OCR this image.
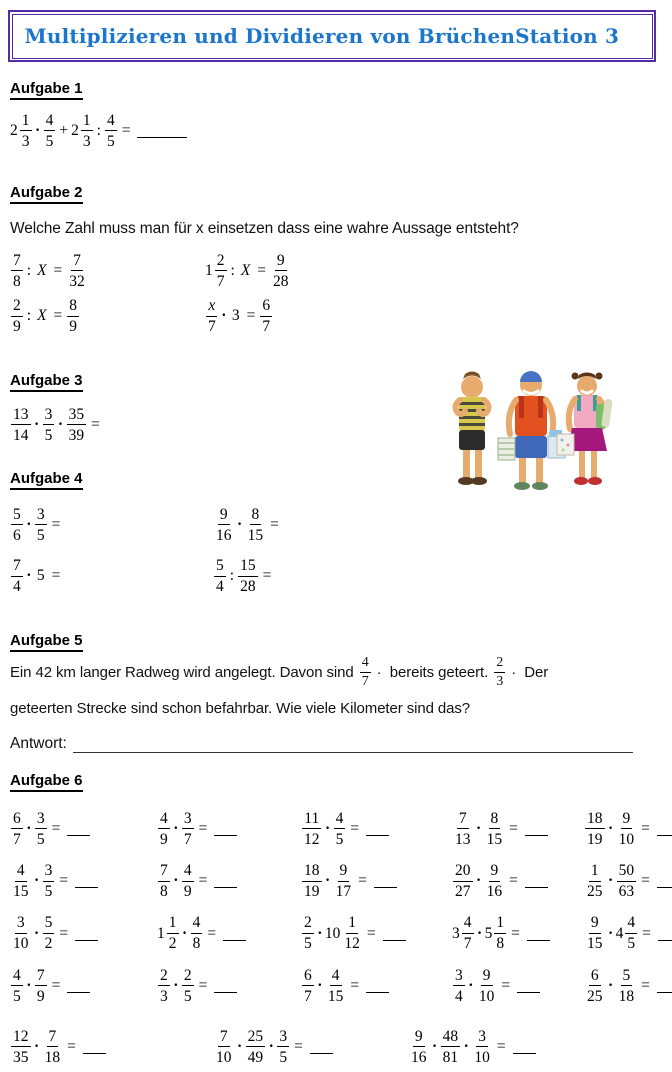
Multiplizieren und Dividieren von Brüchen Station 3
Aufgabe 1
$2 \frac{1}{3} \cdot \frac{4}{5} + 2 \frac{1}{3}$ : $\frac{4}{5}$ =
Aufgabe 2
Welche Zahl muss man für x einsetzen dass eine wahre Aussage entsteht?
$\frac{7}{8}$ : $X = \frac{7}{32}$	$1 \frac{2}{7}$ : $X = \frac{9}{28}$
$\frac{2}{9}$ : $X = \frac{8}{9}$	$\frac{x}{7} \cdot 3 = \frac{6}{7}$
Aufgabe 3
$\frac{13}{14} \cdot \frac{3}{5} \cdot \frac{35}{39}$ =
Aufgabe 4
$\frac{5}{6} \cdot \frac{3}{5}$ =	$\frac{9}{16} \cdot \frac{8}{15}$ =
$\frac{7}{4} \cdot 5$ =	$\frac{5}{4}$ : $\frac{15}{28}$ =
Aufgabe 5
Ein 42 km langer Radweg wird angelegt. Davon sind $\frac{4}{7}$ ·  bereits geteert. $\frac{2}{3}$ ·  Der
geteerten Strecke sind schon befahrbar. Wie viele Kilometer sind das?
Antwort:
Aufgabe 6
$\frac{6}{7} \cdot \frac{3}{5}$ =	$\frac{4}{9} \cdot \frac{3}{7}$ =	$\frac{11}{12} \cdot \frac{4}{5}$ =	$\frac{7}{13} \cdot \frac{8}{15}$ =	$\frac{18}{19} \cdot \frac{9}{10}$ =
$\frac{4}{15} \cdot \frac{3}{5}$ =	$\frac{7}{8} \cdot \frac{4}{9}$ =	$\frac{18}{19} \cdot \frac{9}{17}$ =	$\frac{20}{27} \cdot \frac{9}{16}$ =	$\frac{1}{25} \cdot \frac{50}{63}$ =
$\frac{3}{10} \cdot \frac{5}{2}$ =	$1 \frac{1}{2} \cdot \frac{4}{8}$ =	$\frac{2}{5} \cdot 10 \frac{1}{12}$ =	$3 \frac{4}{7} \cdot 5 \frac{1}{8}$ =	$\frac{9}{15} \cdot 4 \frac{4}{5}$ =
$\frac{4}{5} \cdot \frac{7}{9}$ =	$\frac{2}{3} \cdot \frac{2}{5}$ =	$\frac{6}{7} \cdot \frac{4}{15}$ =	$\frac{3}{4} \cdot \frac{9}{10}$ =	$\frac{6}{25} \cdot \frac{5}{18}$ =
$\frac{12}{35} \cdot \frac{7}{18}$ =	$\frac{7}{10} \cdot \frac{25}{49} \cdot \frac{3}{5}$ =	$\frac{9}{16} \cdot \frac{48}{81} \cdot \frac{3}{10}$ =
